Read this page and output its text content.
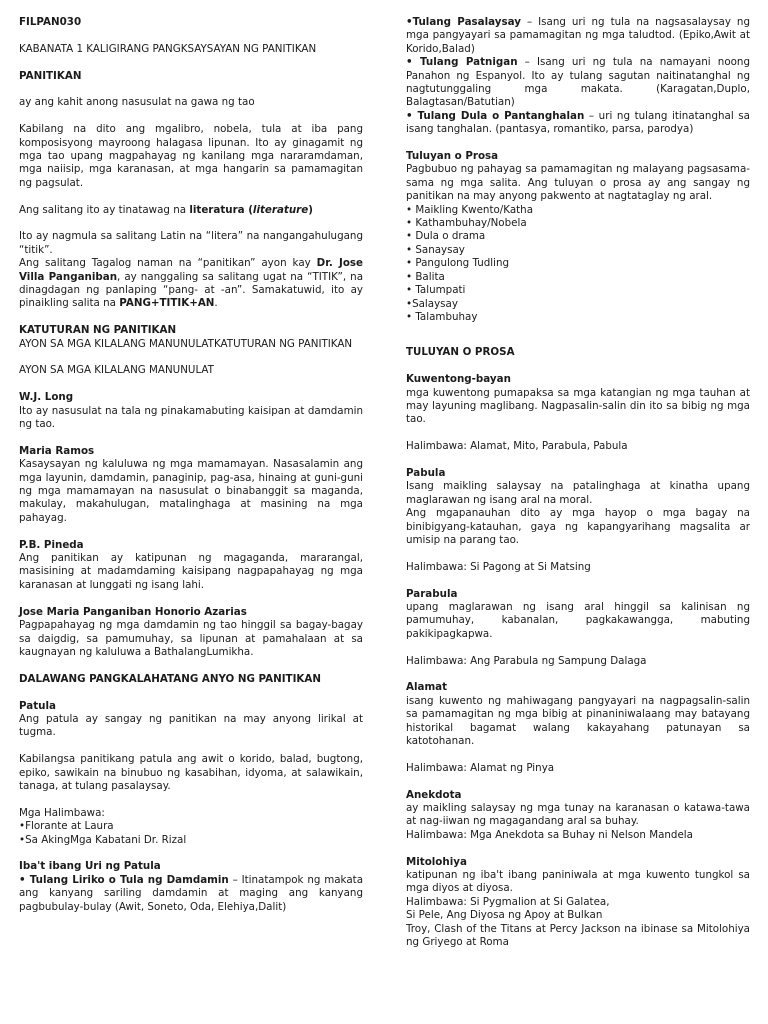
FILPAN030

KABANATA 1 KALIGIRANG PANGKSAYSAYAN NG PANITIKAN

PANITIKAN

ay ang kahit anong nasusulat na gawa ng tao

Kabilang na dito ang mgalibro, nobela, tula at iba pang komposisyong mayroong halagasa lipunan. Ito ay ginagamit ng mga tao upang magpahayag ng kanilang mga nararamdaman, mga naiisip, mga karanasan, at mga hangarin sa pamamagitan ng pagsulat.

Ang salitang ito ay tinatawag na literatura (literature)

Ito ay nagmula sa salitang Latin na “litera” na nangangahulugang “titik”.

Ang salitang Tagalog naman na “panitikan” ayon kay Dr. Jose Villa Panganiban, ay nanggaling sa salitang ugat na “TITIK”, na dinagdagan ng panlaping “pang- at -an”. Samakatuwid, ito ay pinaikling salita na PANG+TITIK+AN.

KATUTURAN NG PANITIKAN

AYON SA MGA KILALANG MANUNULATKATUTURAN NG PANITIKAN

AYON SA MGA KILALANG MANUNULAT

W.J. Long

Ito ay nasusulat na tala ng pinakamabuting kaisipan at damdamin ng tao.

Maria Ramos

Kasaysayan ng kaluluwa ng mga mamamayan. Nasasalamin ang mga layunin, damdamin, panaginip, pag-asa, hinaing at guni-guni ng mga mamamayan na nasusulat o binabanggit sa maganda, makulay, makahulugan, matalinghaga at masining na mga pahayag.

P.B. Pineda

Ang panitikan ay katipunan ng magaganda, mararangal, masisining at madamdaming kaisipang nagpapahayag ng mga karanasan at lunggati ng isang lahi.

Jose Maria Panganiban Honorio Azarias

Pagpapahayag ng mga damdamin ng tao hinggil sa bagay-bagay sa daigdig, sa pamumuhay, sa lipunan at pamahalaan at sa kaugnayan ng kaluluwa a BathalangLumikha.

DALAWANG PANGKALAHATANG ANYO NG PANITIKAN

Patula

Ang patula ay sangay ng panitikan na may anyong lirikal at tugma.

Kabilangsa panitikang patula ang awit o korido, balad, bugtong, epiko, sawikain na binubuo ng kasabihan, idyoma, at salawikain, tanaga, at tulang pasalaysay.

Mga Halimbawa:

•Florante at Laura

•Sa AkingMga Kabatani Dr. Rizal

Iba't ibang Uri ng Patula

• Tulang Liriko o Tula ng Damdamin – Itinatampok ng makata ang kanyang sariling damdamin at maging ang kanyang pagbubulay-bulay (Awit, Soneto, Oda, Elehiya,Dalit)

•Tulang Pasalaysay – Isang uri ng tula na nagsasalaysay ng mga pangyayari sa pamamagitan ng mga taludtod. (Epiko,Awit at Korido,Balad)

• Tulang Patnigan – Isang uri ng tula na namayani noong Panahon ng Espanyol. Ito ay tulang sagutan naitinatanghal ng nagtutunggaling mga makata. (Karagatan,Duplo, Balagtasan/Batutian)

• Tulang Dula o Pantanghalan – uri ng tulang itinatanghal sa isang tanghalan. (pantasya, romantiko, parsa, parodya)

Tuluyan o Prosa

Pagbubuo ng pahayag sa pamamagitan ng malayang pagsasama-sama ng mga salita. Ang tuluyan o prosa ay ang sangay ng panitikan na may anyong pakwento at nagtataglay ng aral.

• Maikling Kwento/Katha

• Kathambuhay/Nobela

• Dula o drama

• Sanaysay

• Pangulong Tudling

• Balita

• Talumpati

•Salaysay

• Talambuhay

TULUYAN O PROSA

Kuwentong-bayan

mga kuwentong pumapaksa sa mga katangian ng mga tauhan at may layuning maglibang. Nagpasalin-salin din ito sa bibig ng mga tao.

Halimbawa: Alamat, Mito, Parabula, Pabula

Pabula

Isang maikling salaysay na patalinghaga at kinatha upang maglarawan ng isang aral na moral.

Ang mgapanauhan dito ay mga hayop o mga bagay na binibigyang-katauhan, gaya ng kapangyarihang magsalita ar umisip na parang tao.

Halimbawa: Si Pagong at Si Matsing

Parabula

upang maglarawan ng isang aral hinggil sa kalinisan ng pamumuhay, kabanalan, pagkakawangga, mabuting pakikipagkapwa.

Halimbawa: Ang Parabula ng Sampung Dalaga

Alamat

isang kuwento ng mahiwagang pangyayari na nagpagsalin-salin sa pamamagitan ng mga bibig at pinaniniwalaang may batayang historikal bagamat walang kakayahang patunayan sa katotohanan.

Halimbawa: Alamat ng Pinya

Anekdota

ay maikling salaysay ng mga tunay na karanasan o katawa-tawa at nag-iiwan ng magagandang aral sa buhay.

Halimbawa: Mga Anekdota sa Buhay ni Nelson Mandela

Mitolohiya

katipunan ng iba't ibang paniniwala at mga kuwento tungkol sa mga diyos at diyosa.

Halimbawa: Si Pygmalion at Si Galatea,

Si Pele, Ang Diyosa ng Apoy at Bulkan

Troy, Clash of the Titans at Percy Jackson na ibinase sa Mitolohiya ng Griyego at Roma
